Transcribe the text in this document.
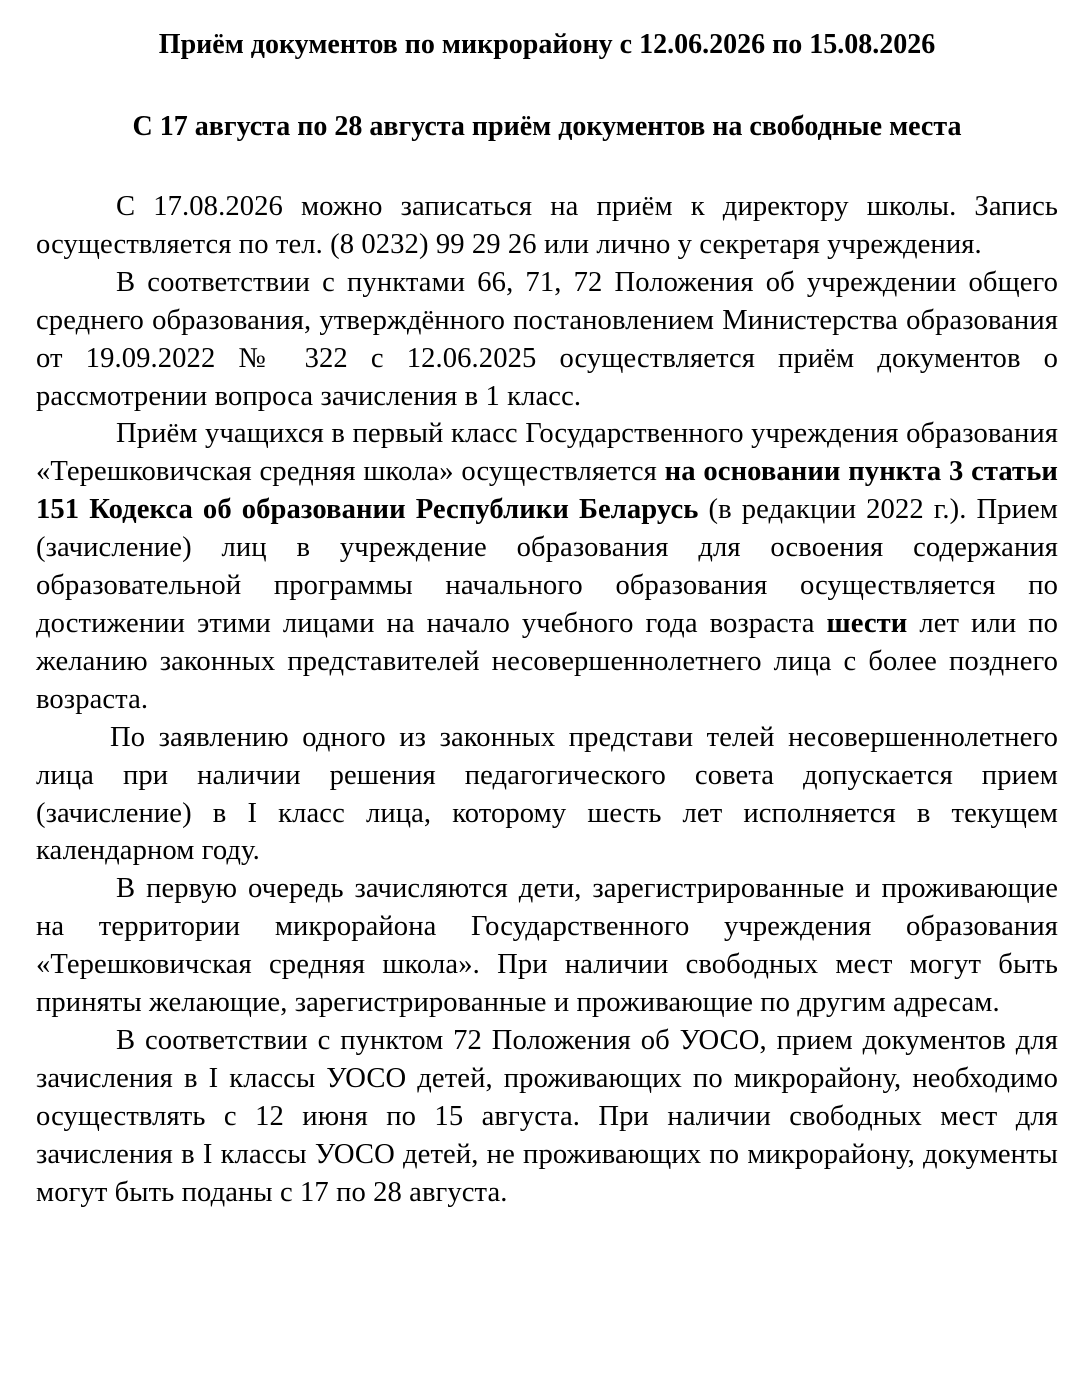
Приём документов по микрорайону с 12.06.2026 по 15.08.2026

С 17 августа по 28 августа приём документов на свободные места

С 17.08.2026 можно записаться на приём к директору школы. Запись осуществляется по тел. (8 0232) 99 29 26 или лично у секретаря учреждения.

В соответствии с пунктами 66, 71, 72 Положения об учреждении общего среднего образования, утверждённого постановлением Министерства образования от 19.09.2022 № 322 с 12.06.2025 осуществляется приём документов о рассмотрении вопроса зачисления в 1 класс.

Приём учащихся в первый класс Государственного учреждения образования «Терешковичская средняя школа» осуществляется на основании пункта 3 статьи 151 Кодекса об образовании Республики Беларусь (в редакции 2022 г.). Прием (зачисление) лиц в учреждение образования для освоения содержания образовательной программы начального образования осуществляется по достижении этими лицами на начало учебного года возраста шести лет или по желанию законных представителей несовершеннолетнего лица с более позднего возраста.

По заявлению одного из законных представи телей несовершеннолетнего лица при наличии решения педагогического совета допускается прием (зачисление) в I класс лица, которому шесть лет исполняется в текущем календарном году.

В первую очередь зачисляются дети, зарегистрированные и проживающие на территории микрорайона Государственного учреждения образования «Терешковичская средняя школа». При наличии свободных мест могут быть приняты желающие, зарегистрированные и проживающие по другим адресам.

В соответствии с пунктом 72 Положения об УОСО, прием документов для зачисления в I классы УОСО детей, проживающих по микрорайону, необходимо осуществлять с 12 июня по 15 августа. При наличии свободных мест для зачисления в I классы УОСО детей, не проживающих по микрорайону, документы могут быть поданы с 17 по 28 августа.
